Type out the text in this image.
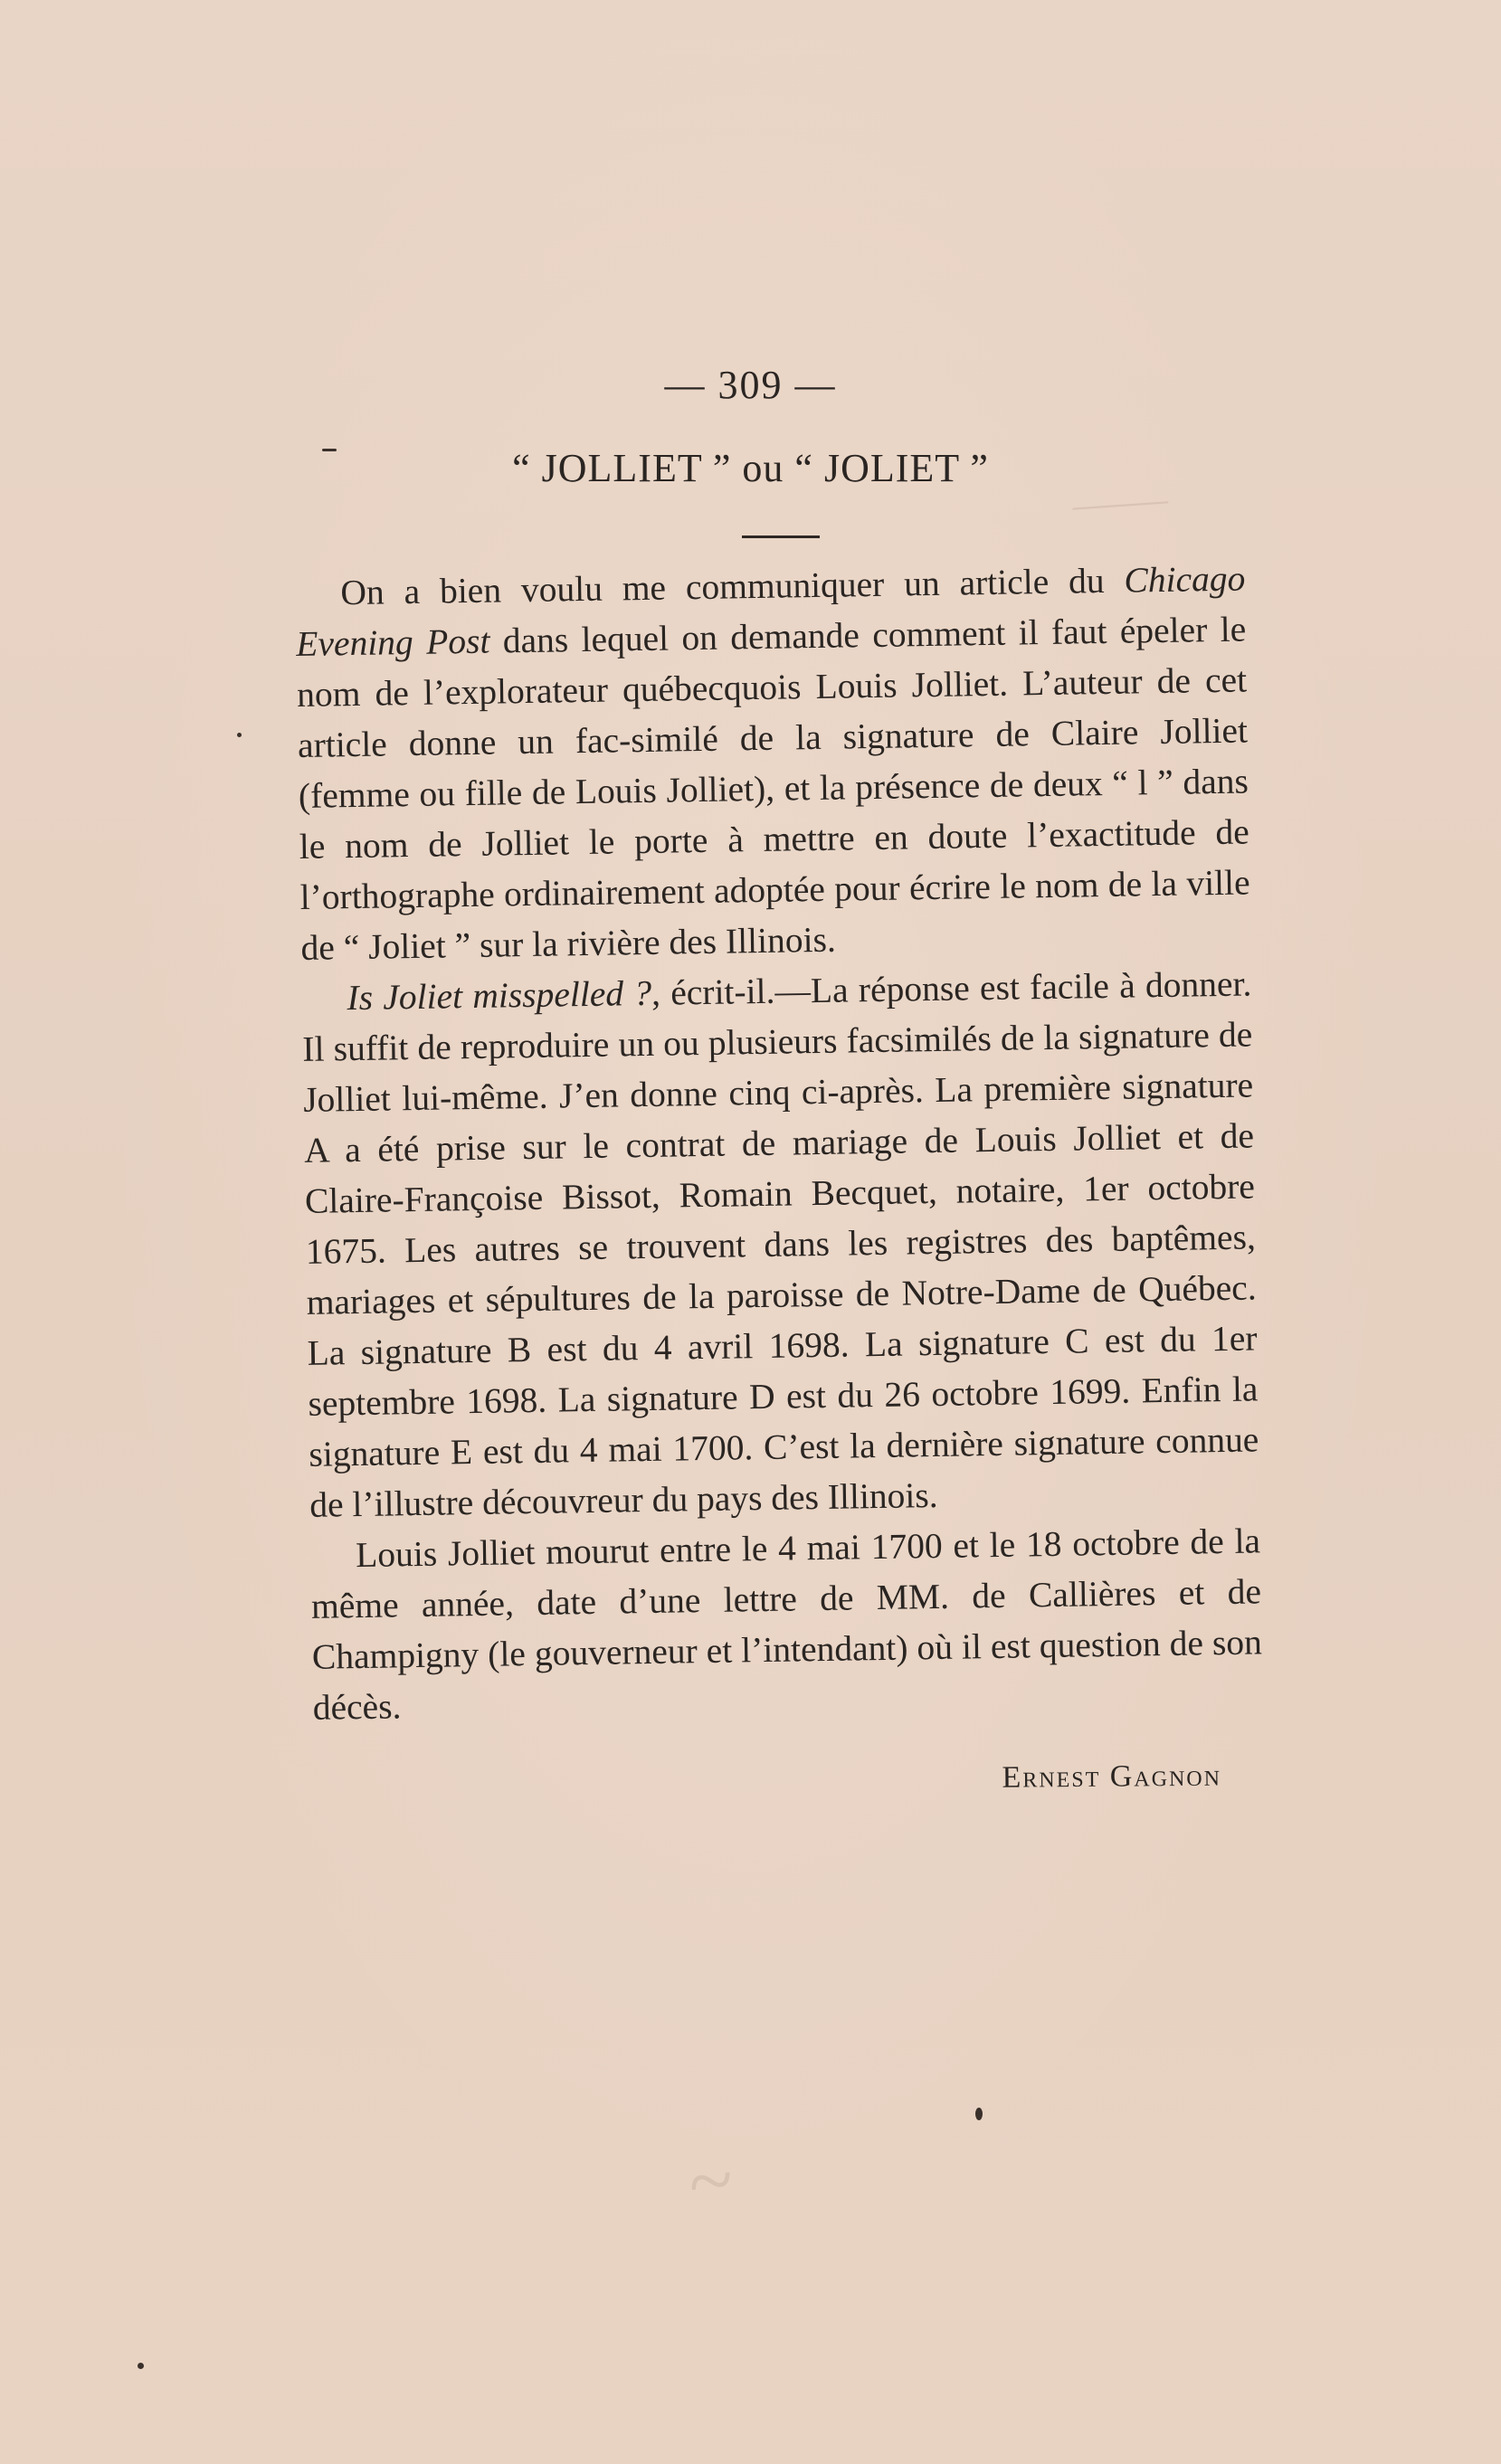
⸻
~
— 309 —
“ JOLLIET ” ou “ JOLIET ”

On a bien voulu me communiquer un article du Chicago Evening Post dans lequel on demande comment il faut épeler le nom de l’explorateur québecquois Louis Jolliet. L’auteur de cet article donne un fac-similé de la signature de Claire Jolliet (femme ou fille de Louis Jolliet), et la présence de deux “ l ” dans le nom de Jolliet le porte à mettre en doute l’exactitude de l’orthographe ordinairement adoptée pour écrire le nom de la ville de “ Joliet ” sur la rivière des Illinois.

Is Joliet misspelled ?, écrit-il.—La réponse est facile à donner. Il suffit de reproduire un ou plusieurs facsimilés de la signature de Jolliet lui-même. J’en donne cinq ci-après. La première signature A a été prise sur le contrat de mariage de Louis Jolliet et de Claire-Françoise Bissot, Romain Becquet, notaire, 1er octobre 1675. Les autres se trouvent dans les registres des baptêmes, mariages et sépultures de la paroisse de Notre-Dame de Québec. La signature B est du 4 avril 1698. La signature C est du 1er septembre 1698. La signature D est du 26 octobre 1699. Enfin la signature E est du 4 mai 1700. C’est la dernière signature connue de l’illustre découvreur du pays des Illinois.

Louis Jolliet mourut entre le 4 mai 1700 et le 18 octobre de la même année, date d’une lettre de MM. de Callières et de Champigny (le gouverneur et l’intendant) où il est question de son décès.

Ernest Gagnon
